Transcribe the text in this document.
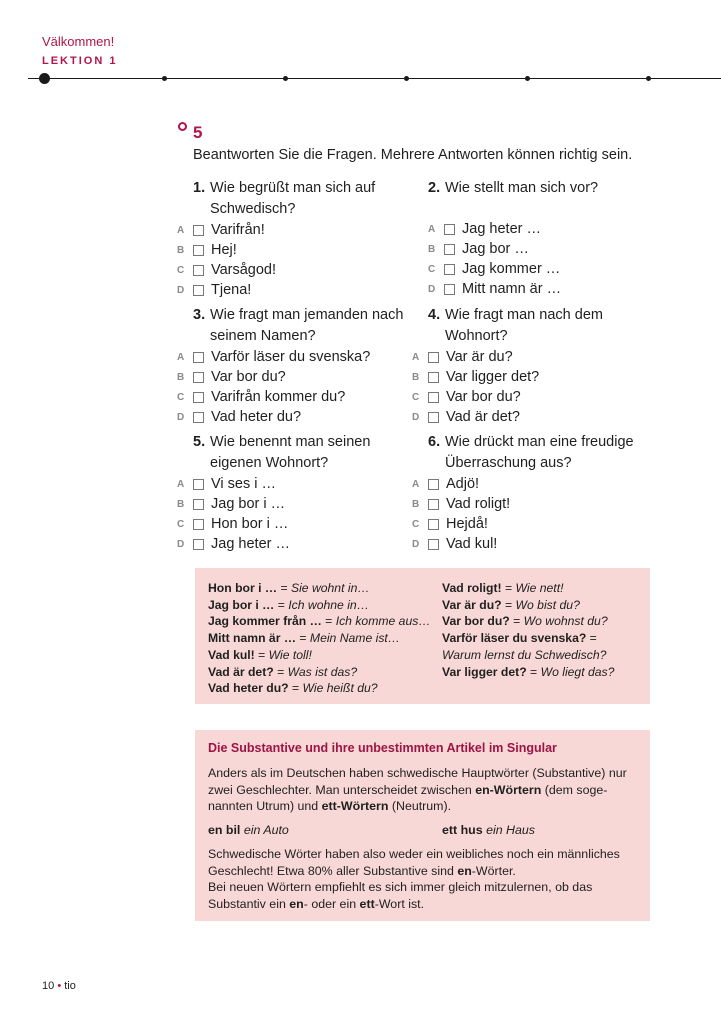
Välkommen!
LEKTION 1
5
Beantworten Sie die Fragen. Mehrere Antworten können richtig sein.
1. Wie begrüßt man sich auf Schwedisch?
A	Varifrån!
B	Hej!
C	Varsågod!
D	Tjena!
2. Wie stellt man sich vor?
A	Jag heter …
B	Jag bor …
C	Jag kommer …
D	Mitt namn är …
3. Wie fragt man jemanden nach seinem Namen?
A	Varför läser du svenska?
B	Var bor du?
C	Varifrån kommer du?
D	Vad heter du?
4. Wie fragt man nach dem Wohnort?
A	Var är du?
B	Var ligger det?
C	Var bor du?
D	Vad är det?
5. Wie benennt man seinen eigenen Wohnort?
A	Vi ses i …
B	Jag bor i …
C	Hon bor i …
D	Jag heter …
6. Wie drückt man eine freudige Überraschung aus?
A	Adjö!
B	Vad roligt!
C	Hejdå!
D	Vad kul!
Hon bor i … = Sie wohnt in…
Jag bor i … = Ich wohne in…
Jag kommer från … = Ich komme aus…
Mitt namn är … = Mein Name ist…
Vad kul! = Wie toll!
Vad är det? = Was ist das?
Vad heter du? = Wie heißt du?
Vad roligt! = Wie nett!
Var är du? = Wo bist du?
Var bor du? = Wo wohnst du?
Varför läser du svenska? =
Warum lernst du Schwedisch?
Var ligger det? = Wo liegt das?
Die Substantive und ihre unbestimmten Artikel im Singular
Anders als im Deutschen haben schwedische Hauptwörter (Substantive) nur zwei Geschlechter. Man unterscheidet zwischen en-Wörtern (dem soge-nannten Utrum) und ett-Wörtern (Neutrum).
en bil ein Auto	ett hus ein Haus
Schwedische Wörter haben also weder ein weibliches noch ein männliches Geschlecht! Etwa 80% aller Substantive sind en-Wörter.
Bei neuen Wörtern empfiehlt es sich immer gleich mitzulernen, ob das Substantiv ein en- oder ein ett-Wort ist.
10 • tio
